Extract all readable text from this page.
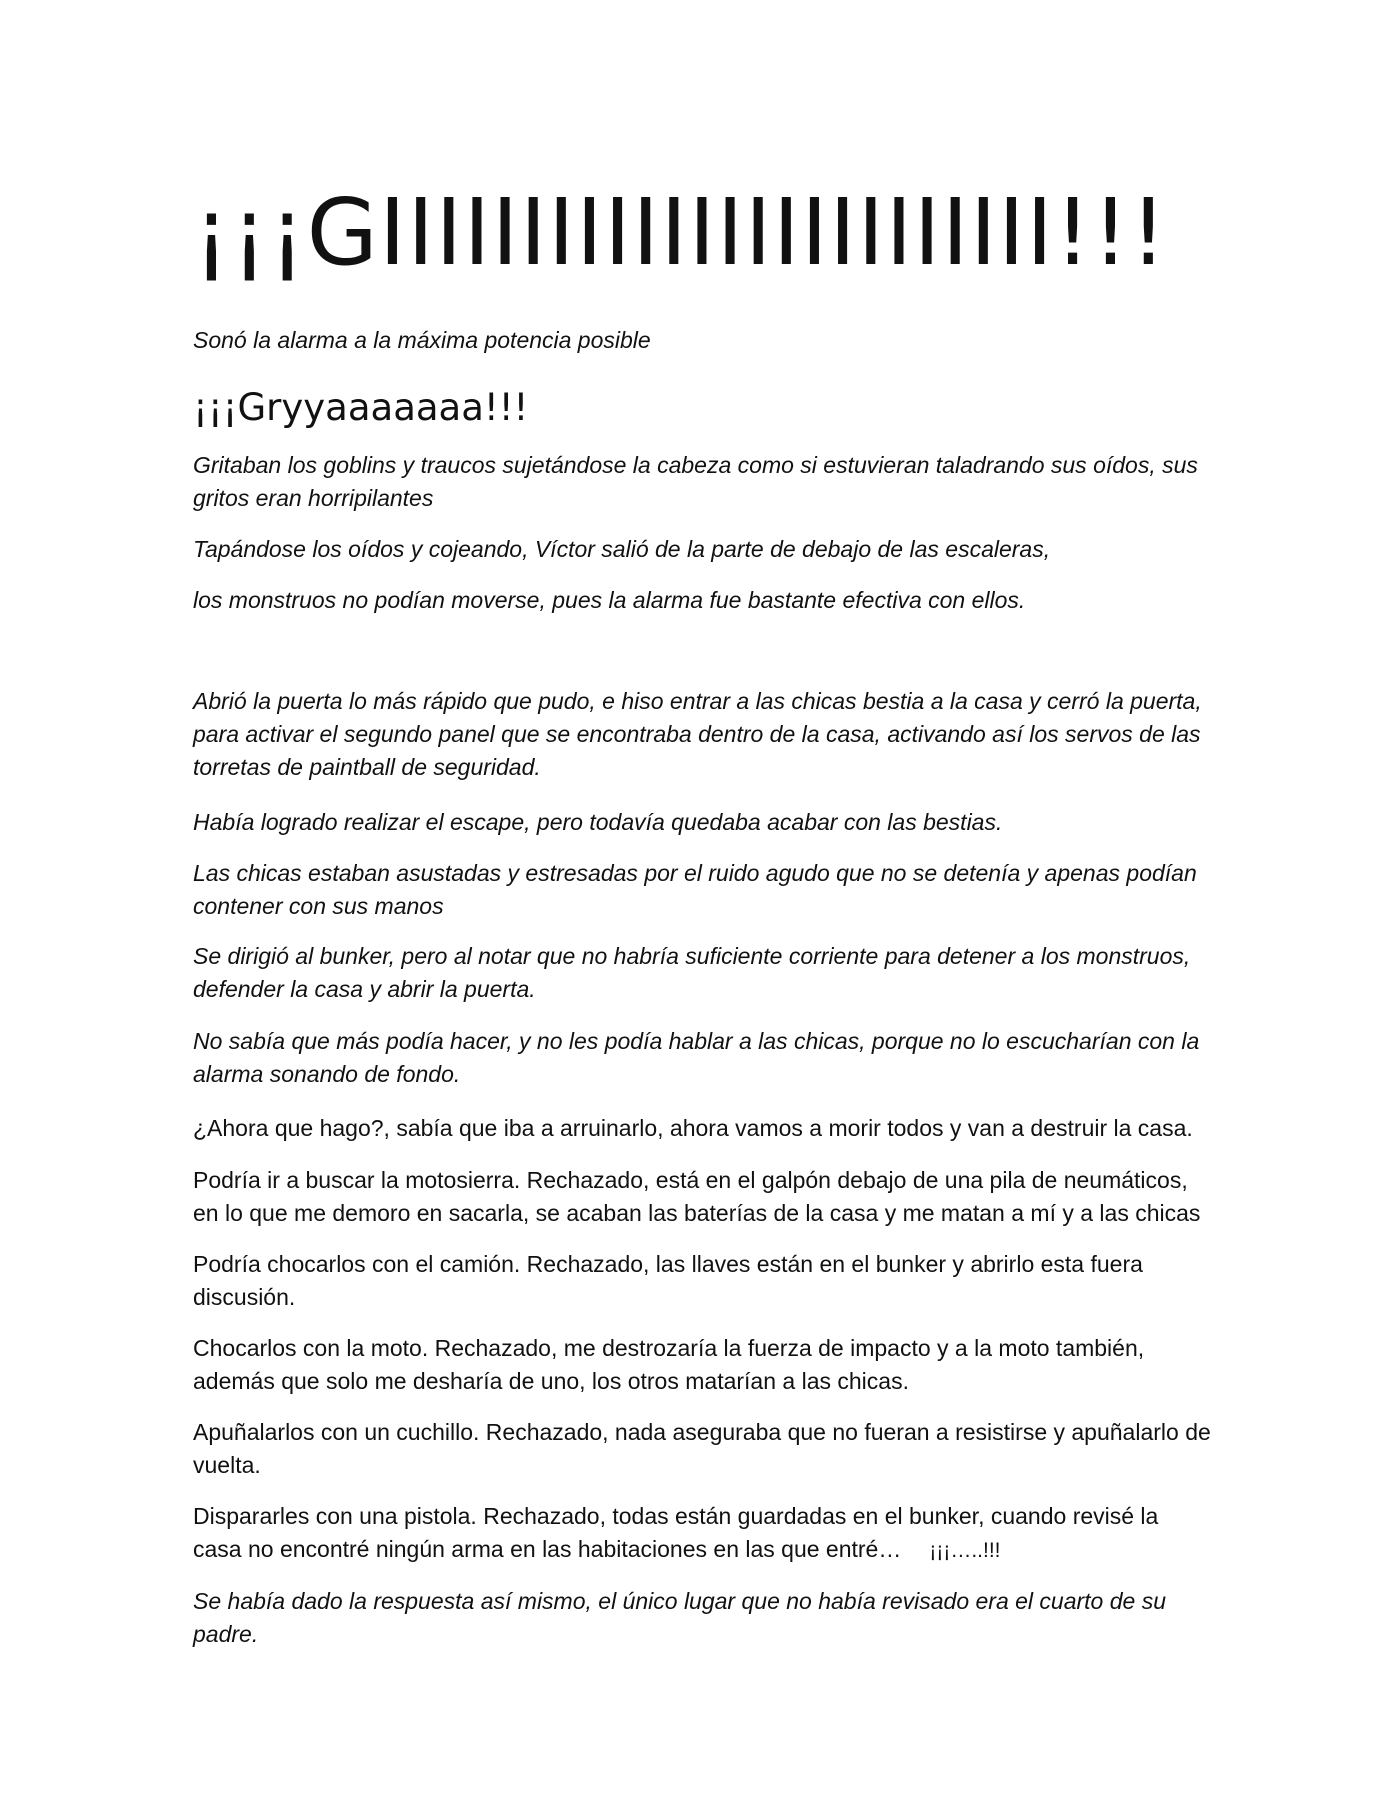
¡¡¡GIIIIIIIIIIIIIIIIIIIIIIII!!!

Sonó la alarma a la máxima potencia posible

¡¡¡Gryyaaaaaaa!!!

Gritaban los goblins y traucos sujetándose la cabeza como si estuvieran taladrando sus oídos, sus gritos eran horripilantes

Tapándose los oídos y cojeando, Víctor salió de la parte de debajo de las escaleras,

los monstruos no podían moverse, pues la alarma fue bastante efectiva con ellos.

Abrió la puerta lo más rápido que pudo, e hiso entrar a las chicas bestia a la casa y cerró la puerta, para activar el segundo panel que se encontraba dentro de la casa, activando así los servos de las torretas de paintball de seguridad.

Había logrado realizar el escape, pero todavía quedaba acabar con las bestias.

Las chicas estaban asustadas y estresadas por el ruido agudo que no se detenía y apenas podían contener con sus manos

Se dirigió al bunker, pero al notar que no habría suficiente corriente para detener a los monstruos, defender la casa y abrir la puerta.

No sabía que más podía hacer, y no les podía hablar a las chicas, porque no lo escucharían con la alarma sonando de fondo.

¿Ahora que hago?, sabía que iba a arruinarlo, ahora vamos a morir todos y van a destruir la casa.

Podría ir a buscar la motosierra. Rechazado, está en el galpón debajo de una pila de neumáticos, en lo que me demoro en sacarla, se acaban las baterías de la casa y me matan a mí y a las chicas

Podría chocarlos con el camión. Rechazado, las llaves están en el bunker y abrirlo esta fuera discusión.

Chocarlos con la moto. Rechazado, me destrozaría la fuerza de impacto y a la moto también, además que solo me desharía de uno, los otros matarían a las chicas.

Apuñalarlos con un cuchillo. Rechazado, nada aseguraba que no fueran a resistirse y apuñalarlo de vuelta.

Dispararles con una pistola. Rechazado, todas están guardadas en el bunker, cuando revisé la casa no encontré ningún arma en las habitaciones en las que entré… ¡¡¡…..!!!

Se había dado la respuesta así mismo, el único lugar que no había revisado era el cuarto de su padre.
